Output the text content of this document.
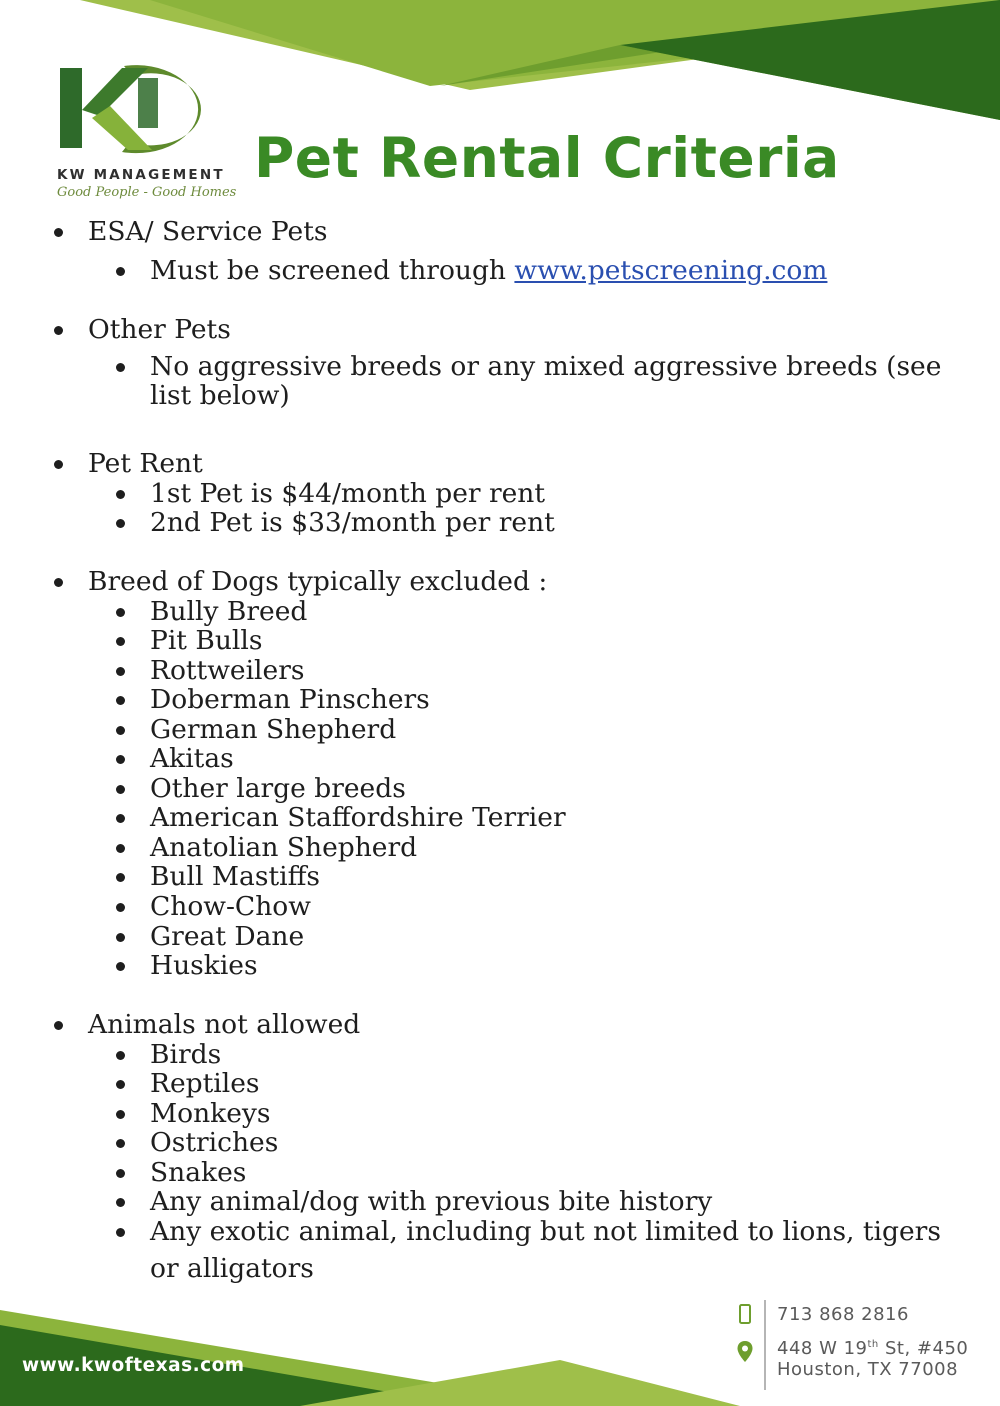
KW MANAGEMENT
Good People - Good Homes
Pet Rental Criteria
ESA/ Service Pets
Must be screened through www.petscreening.com
Other Pets
No aggressive breeds or any mixed aggressive breeds (see
list below)
Pet Rent
1st Pet is $44/month per rent
2nd Pet is $33/month per rent
Breed of Dogs typically excluded :
Bully Breed
Pit Bulls
Rottweilers
Doberman Pinschers
German Shepherd
Akitas
Other large breeds
American Staffordshire Terrier
Anatolian Shepherd
Bull Mastiffs
Chow-Chow
Great Dane
Huskies
Animals not allowed
Birds
Reptiles
Monkeys
Ostriches
Snakes
Any animal/dog with previous bite history
Any exotic animal, including but not limited to lions, tigers
or alligators
www.kwoftexas.com
713 868 2816
448 W 19th St, #450
Houston, TX 77008
